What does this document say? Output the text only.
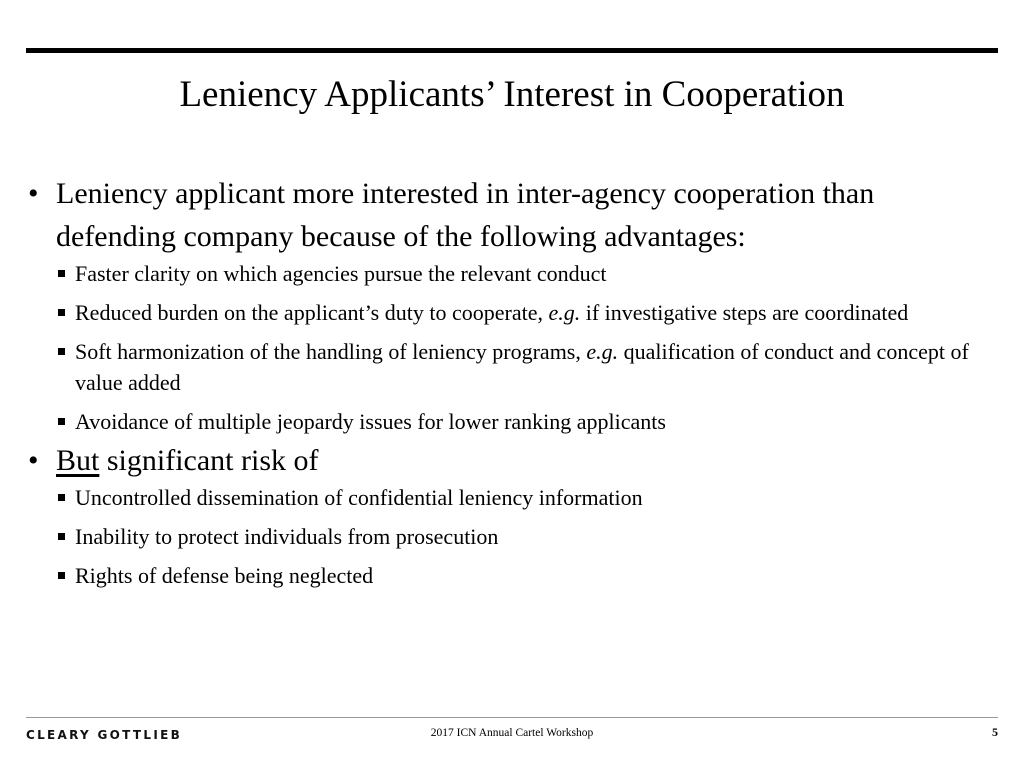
Leniency Applicants’ Interest in Cooperation
• Leniency applicant more interested in inter-agency cooperation than defending company because of the following advantages:
Faster clarity on which agencies pursue the relevant conduct
Reduced burden on the applicant’s duty to cooperate, e.g. if investigative steps are coordinated
Soft harmonization of the handling of leniency programs, e.g. qualification of conduct and concept of value added
Avoidance of multiple jeopardy issues for lower ranking applicants
• But significant risk of
Uncontrolled dissemination of confidential leniency information
Inability to protect individuals from prosecution
Rights of defense being neglected
CLEARY GOTTLIEB	2017 ICN Annual Cartel Workshop	5
